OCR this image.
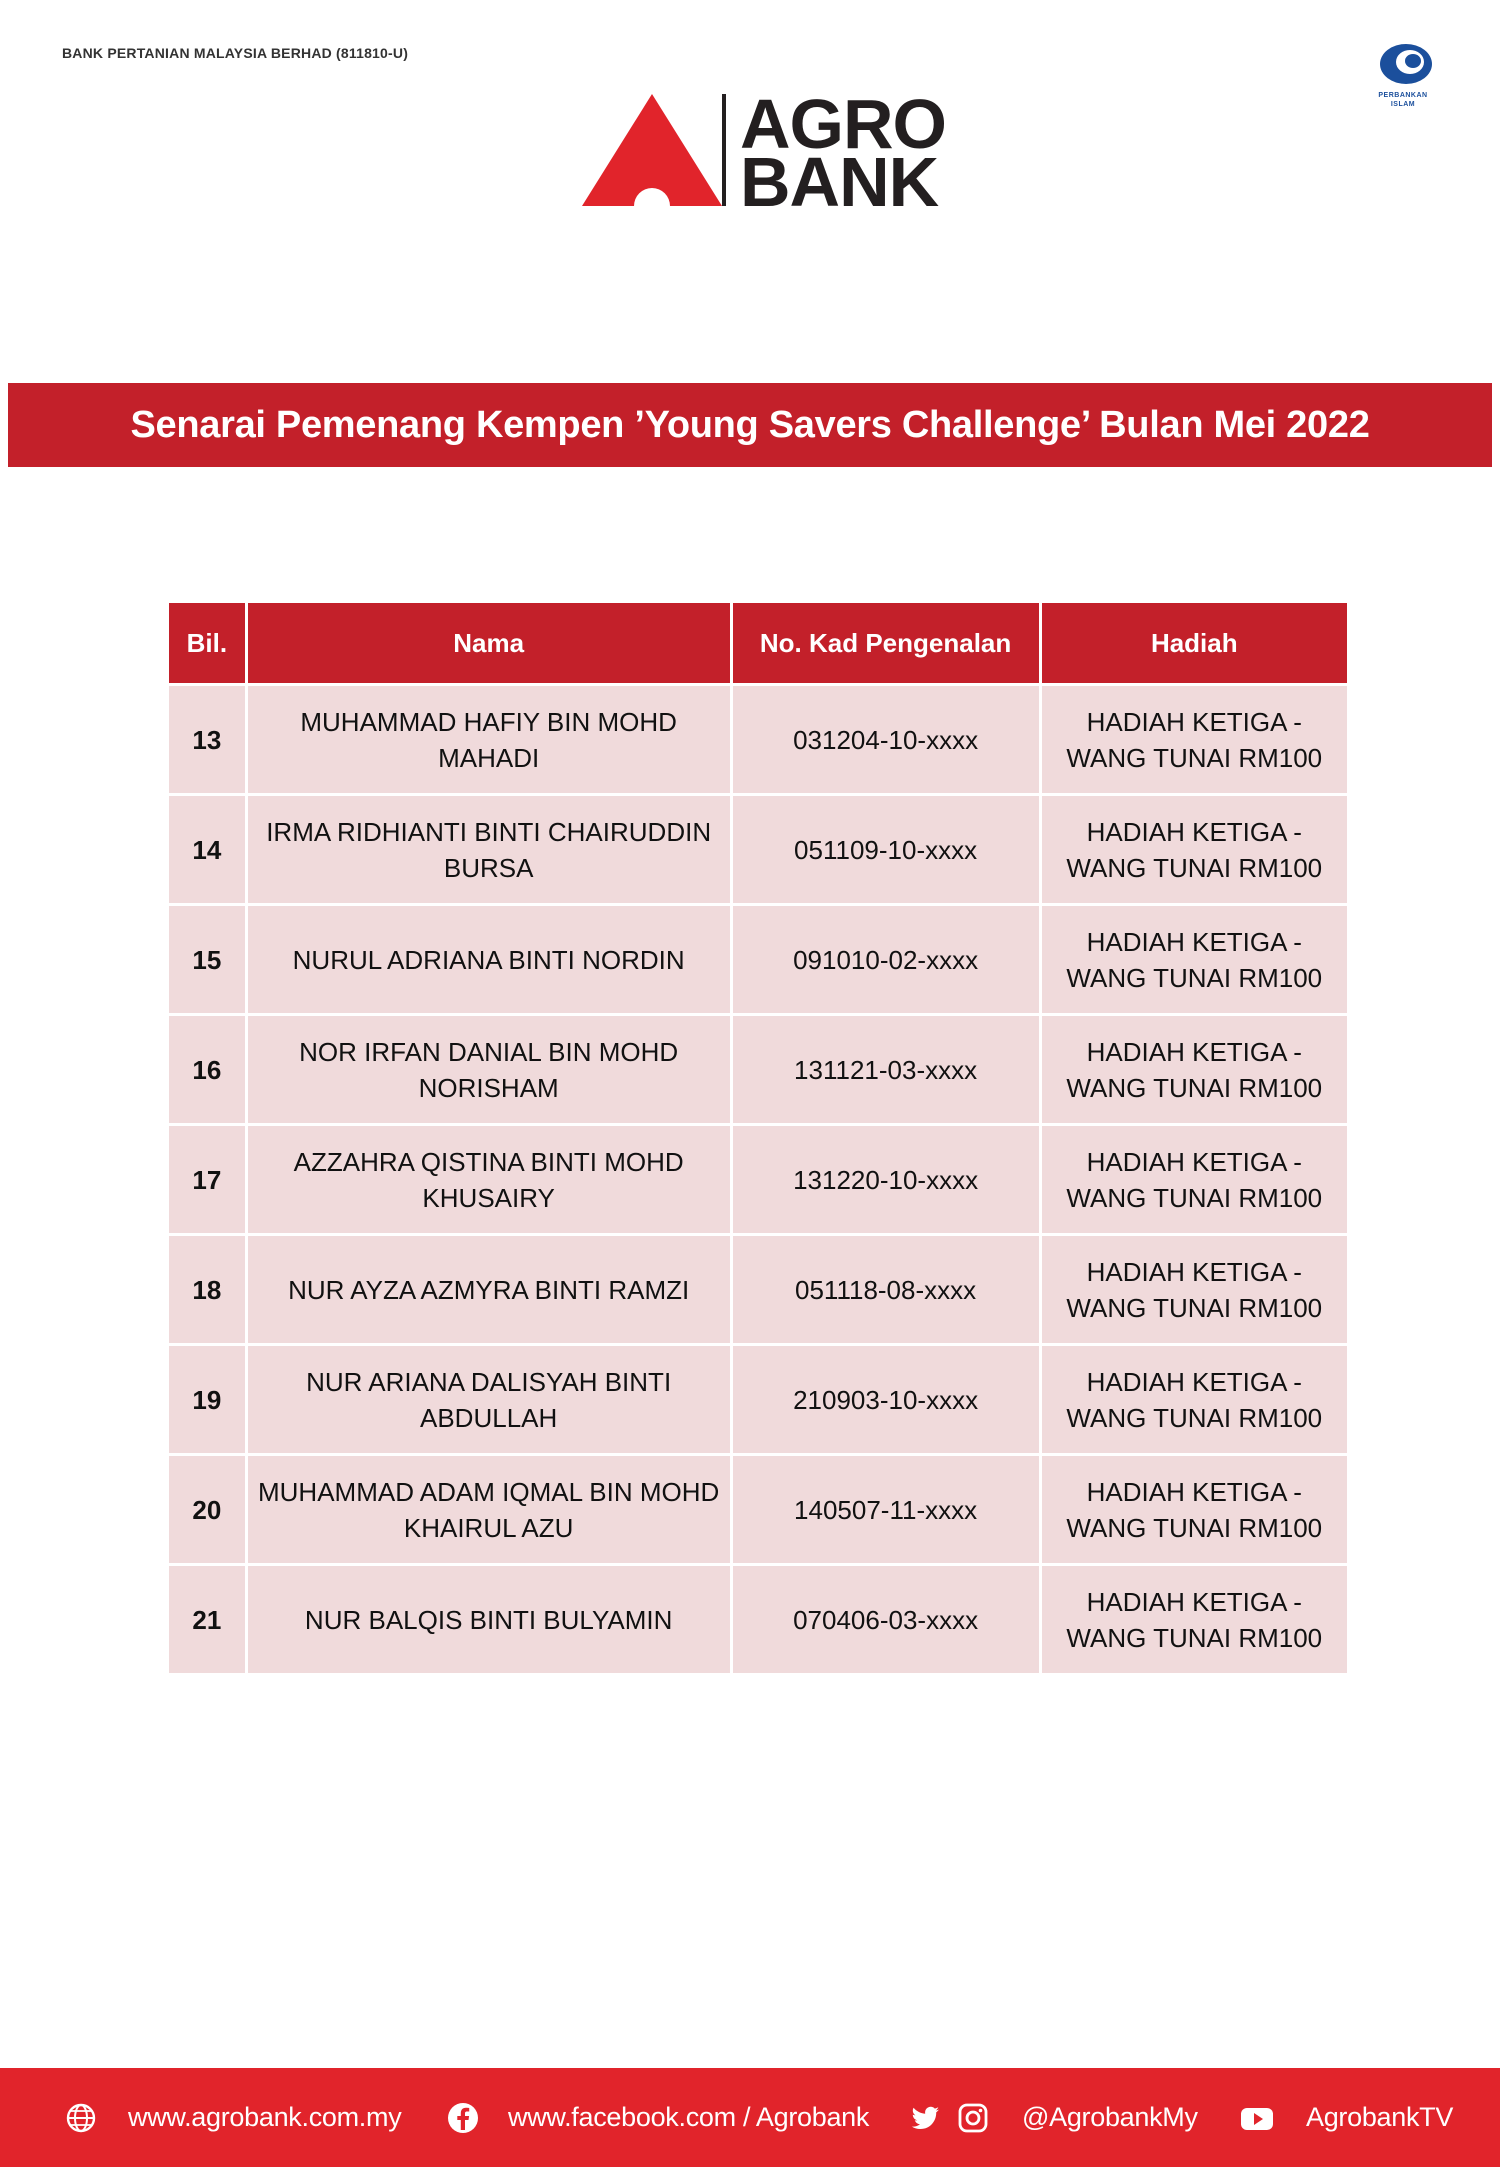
BANK PERTANIAN MALAYSIA BERHAD (811810-U)
AGRO
BANK
PERBANKAN ISLAM
Senarai Pemenang Kempen ’Young Savers Challenge’ Bulan Mei 2022
Bil.	Nama	No. Kad Pengenalan	Hadiah
13	MUHAMMAD HAFIY BIN MOHD MAHADI	031204-10-xxxx	HADIAH KETIGA - WANG TUNAI RM100
14	IRMA RIDHIANTI BINTI CHAIRUDDIN BURSA	051109-10-xxxx	HADIAH KETIGA - WANG TUNAI RM100
15	NURUL ADRIANA BINTI NORDIN	091010-02-xxxx	HADIAH KETIGA - WANG TUNAI RM100
16	NOR IRFAN DANIAL BIN MOHD NORISHAM	131121-03-xxxx	HADIAH KETIGA - WANG TUNAI RM100
17	AZZAHRA QISTINA BINTI MOHD KHUSAIRY	131220-10-xxxx	HADIAH KETIGA - WANG TUNAI RM100
18	NUR AYZA AZMYRA BINTI RAMZI	051118-08-xxxx	HADIAH KETIGA - WANG TUNAI RM100
19	NUR ARIANA DALISYAH BINTI ABDULLAH	210903-10-xxxx	HADIAH KETIGA - WANG TUNAI RM100
20	MUHAMMAD ADAM IQMAL BIN MOHD KHAIRUL AZU	140507-11-xxxx	HADIAH KETIGA - WANG TUNAI RM100
21	NUR BALQIS BINTI BULYAMIN	070406-03-xxxx	HADIAH KETIGA - WANG TUNAI RM100
www.agrobank.com.my	www.facebook.com / Agrobank	@AgrobankMy	AgrobankTV
